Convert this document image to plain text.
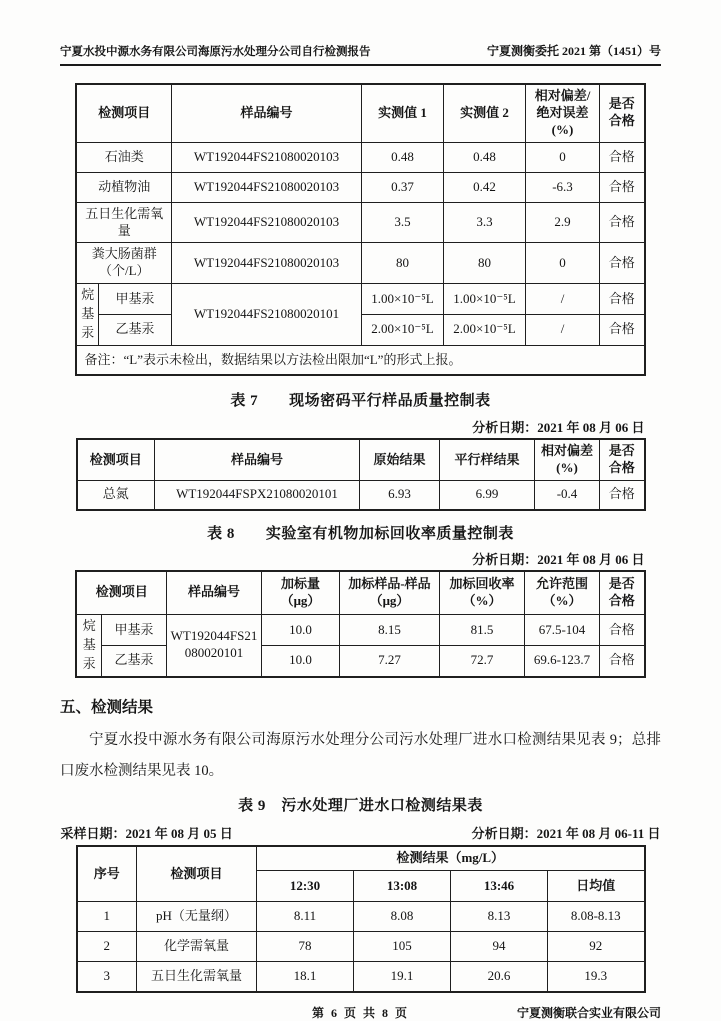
宁夏水投中源水务有限公司海原污水处理分公司自行检测报告	宁夏测衡委托 2021 第（1451）号
检测项目		样品编号	实测值 1	实测值 2	相对偏差/绝对误差(%)	是否合格
石油类		WT192044FS21080020103	0.48	0.48	0	合格
动植物油		WT192044FS21080020103	0.37	0.42	-6.3	合格
五日生化需氧量		WT192044FS21080020103	3.5	3.3	2.9	合格
粪大肠菌群（个/L）		WT192044FS21080020103	80	80	0	合格
烷基汞	甲基汞	WT192044FS21080020101	1.00×10⁻⁵L	1.00×10⁻⁵L	/	合格
	乙基汞		2.00×10⁻⁵L	2.00×10⁻⁵L	/	合格
备注：“L”表示未检出，数据结果以方法检出限加“L”的形式上报。						
表 7　　现场密码平行样品质量控制表
分析日期：2021 年 08 月 06 日
检测项目	样品编号	原始结果	平行样结果	相对偏差(%)	是否合格
总氮	WT192044FSPX21080020101	6.93	6.99	-0.4	合格
表 8　　实验室有机物加标回收率质量控制表
分析日期：2021 年 08 月 06 日
检测项目		样品编号	加标量（μg）	加标样品-样品（μg）	加标回收率（%）	允许范围（%）	是否合格
烷基汞	甲基汞	WT192044FS21080020101	10.0	8.15	81.5	67.5-104	合格
	乙基汞		10.0	7.27	72.7	69.6-123.7	合格
五、检测结果
宁夏水投中源水务有限公司海原污水处理分公司污水处理厂进水口检测结果见表 9；总排口废水检测结果见表 10。
表 9　污水处理厂进水口检测结果表
采样日期：2021 年 08 月 05 日	分析日期：2021 年 08 月 06-11 日
序号	检测项目	检测结果（mg/L）			
		12:30	13:08	13:46	日均值
1	pH（无量纲）	8.11	8.08	8.13	8.08-8.13
2	化学需氧量	78	105	94	92
3	五日生化需氧量	18.1	19.1	20.6	19.3
第 6 页 共 8 页	宁夏测衡联合实业有限公司
